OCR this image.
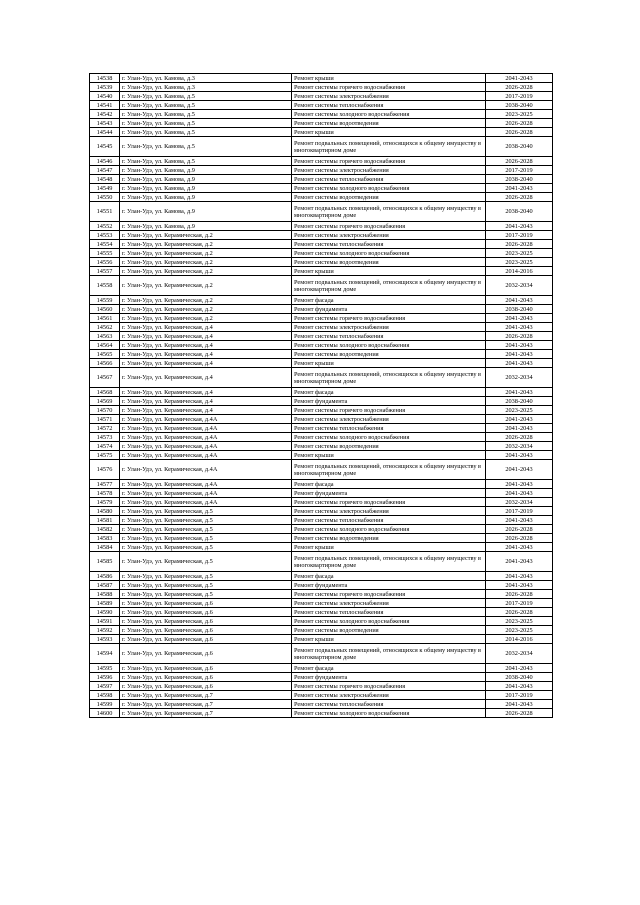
14538	г. Улан-Удэ, ул. Камова, д.3	Ремонт крыши	2041-2043
14539	г. Улан-Удэ, ул. Камова, д.3	Ремонт системы горячего водоснабжения	2026-2028
14540	г. Улан-Удэ, ул. Камова, д.5	Ремонт системы электроснабжения	2017-2019
14541	г. Улан-Удэ, ул. Камова, д.5	Ремонт системы теплоснабжения	2038-2040
14542	г. Улан-Удэ, ул. Камова, д.5	Ремонт системы холодного водоснабжения	2023-2025
14543	г. Улан-Удэ, ул. Камова, д.5	Ремонт системы водоотведения	2026-2028
14544	г. Улан-Удэ, ул. Камова, д.5	Ремонт крыши	2026-2028
14545	г. Улан-Удэ, ул. Камова, д.5	Ремонт подвальных помещений, относящихся к общему имуществу в многоквартирном доме	2038-2040
14546	г. Улан-Удэ, ул. Камова, д.5	Ремонт системы горячего водоснабжения	2026-2028
14547	г. Улан-Удэ, ул. Камова, д.9	Ремонт системы электроснабжения	2017-2019
14548	г. Улан-Удэ, ул. Камова, д.9	Ремонт системы теплоснабжения	2038-2040
14549	г. Улан-Удэ, ул. Камова, д.9	Ремонт системы холодного водоснабжения	2041-2043
14550	г. Улан-Удэ, ул. Камова, д.9	Ремонт системы водоотведения	2026-2028
14551	г. Улан-Удэ, ул. Камова, д.9	Ремонт подвальных помещений, относящихся к общему имуществу в многоквартирном доме	2038-2040
14552	г. Улан-Удэ, ул. Камова, д.9	Ремонт системы горячего водоснабжения	2041-2043
14553	г. Улан-Удэ, ул. Керамическая, д.2	Ремонт системы электроснабжения	2017-2019
14554	г. Улан-Удэ, ул. Керамическая, д.2	Ремонт системы теплоснабжения	2026-2028
14555	г. Улан-Удэ, ул. Керамическая, д.2	Ремонт системы холодного водоснабжения	2023-2025
14556	г. Улан-Удэ, ул. Керамическая, д.2	Ремонт системы водоотведения	2023-2025
14557	г. Улан-Удэ, ул. Керамическая, д.2	Ремонт крыши	2014-2016
14558	г. Улан-Удэ, ул. Керамическая, д.2	Ремонт подвальных помещений, относящихся к общему имуществу в многоквартирном доме	2032-2034
14559	г. Улан-Удэ, ул. Керамическая, д.2	Ремонт фасада	2041-2043
14560	г. Улан-Удэ, ул. Керамическая, д.2	Ремонт фундамента	2038-2040
14561	г. Улан-Удэ, ул. Керамическая, д.2	Ремонт системы горячего водоснабжения	2041-2043
14562	г. Улан-Удэ, ул. Керамическая, д.4	Ремонт системы электроснабжения	2041-2043
14563	г. Улан-Удэ, ул. Керамическая, д.4	Ремонт системы теплоснабжения	2026-2028
14564	г. Улан-Удэ, ул. Керамическая, д.4	Ремонт системы холодного водоснабжения	2041-2043
14565	г. Улан-Удэ, ул. Керамическая, д.4	Ремонт системы водоотведения	2041-2043
14566	г. Улан-Удэ, ул. Керамическая, д.4	Ремонт крыши	2041-2043
14567	г. Улан-Удэ, ул. Керамическая, д.4	Ремонт подвальных помещений, относящихся к общему имуществу в многоквартирном доме	2032-2034
14568	г. Улан-Удэ, ул. Керамическая, д.4	Ремонт фасада	2041-2043
14569	г. Улан-Удэ, ул. Керамическая, д.4	Ремонт фундамента	2038-2040
14570	г. Улан-Удэ, ул. Керамическая, д.4	Ремонт системы горячего водоснабжения	2023-2025
14571	г. Улан-Удэ, ул. Керамическая, д.4А	Ремонт системы электроснабжения	2041-2043
14572	г. Улан-Удэ, ул. Керамическая, д.4А	Ремонт системы теплоснабжения	2041-2043
14573	г. Улан-Удэ, ул. Керамическая, д.4А	Ремонт системы холодного водоснабжения	2026-2028
14574	г. Улан-Удэ, ул. Керамическая, д.4А	Ремонт системы водоотведения	2032-2034
14575	г. Улан-Удэ, ул. Керамическая, д.4А	Ремонт крыши	2041-2043
14576	г. Улан-Удэ, ул. Керамическая, д.4А	Ремонт подвальных помещений, относящихся к общему имуществу в многоквартирном доме	2041-2043
14577	г. Улан-Удэ, ул. Керамическая, д.4А	Ремонт фасада	2041-2043
14578	г. Улан-Удэ, ул. Керамическая, д.4А	Ремонт фундамента	2041-2043
14579	г. Улан-Удэ, ул. Керамическая, д.4А	Ремонт системы горячего водоснабжения	2032-2034
14580	г. Улан-Удэ, ул. Керамическая, д.5	Ремонт системы электроснабжения	2017-2019
14581	г. Улан-Удэ, ул. Керамическая, д.5	Ремонт системы теплоснабжения	2041-2043
14582	г. Улан-Удэ, ул. Керамическая, д.5	Ремонт системы холодного водоснабжения	2026-2028
14583	г. Улан-Удэ, ул. Керамическая, д.5	Ремонт системы водоотведения	2026-2028
14584	г. Улан-Удэ, ул. Керамическая, д.5	Ремонт крыши	2041-2043
14585	г. Улан-Удэ, ул. Керамическая, д.5	Ремонт подвальных помещений, относящихся к общему имуществу в многоквартирном доме	2041-2043
14586	г. Улан-Удэ, ул. Керамическая, д.5	Ремонт фасада	2041-2043
14587	г. Улан-Удэ, ул. Керамическая, д.5	Ремонт фундамента	2041-2043
14588	г. Улан-Удэ, ул. Керамическая, д.5	Ремонт системы горячего водоснабжения	2026-2028
14589	г. Улан-Удэ, ул. Керамическая, д.6	Ремонт системы электроснабжения	2017-2019
14590	г. Улан-Удэ, ул. Керамическая, д.6	Ремонт системы теплоснабжения	2026-2028
14591	г. Улан-Удэ, ул. Керамическая, д.6	Ремонт системы холодного водоснабжения	2023-2025
14592	г. Улан-Удэ, ул. Керамическая, д.6	Ремонт системы водоотведения	2023-2025
14593	г. Улан-Удэ, ул. Керамическая, д.6	Ремонт крыши	2014-2016
14594	г. Улан-Удэ, ул. Керамическая, д.6	Ремонт подвальных помещений, относящихся к общему имуществу в многоквартирном доме	2032-2034
14595	г. Улан-Удэ, ул. Керамическая, д.6	Ремонт фасада	2041-2043
14596	г. Улан-Удэ, ул. Керамическая, д.6	Ремонт фундамента	2038-2040
14597	г. Улан-Удэ, ул. Керамическая, д.6	Ремонт системы горячего водоснабжения	2041-2043
14598	г. Улан-Удэ, ул. Керамическая, д.7	Ремонт системы электроснабжения	2017-2019
14599	г. Улан-Удэ, ул. Керамическая, д.7	Ремонт системы теплоснабжения	2041-2043
14600	г. Улан-Удэ, ул. Керамическая, д.7	Ремонт системы холодного водоснабжения	2026-2028
